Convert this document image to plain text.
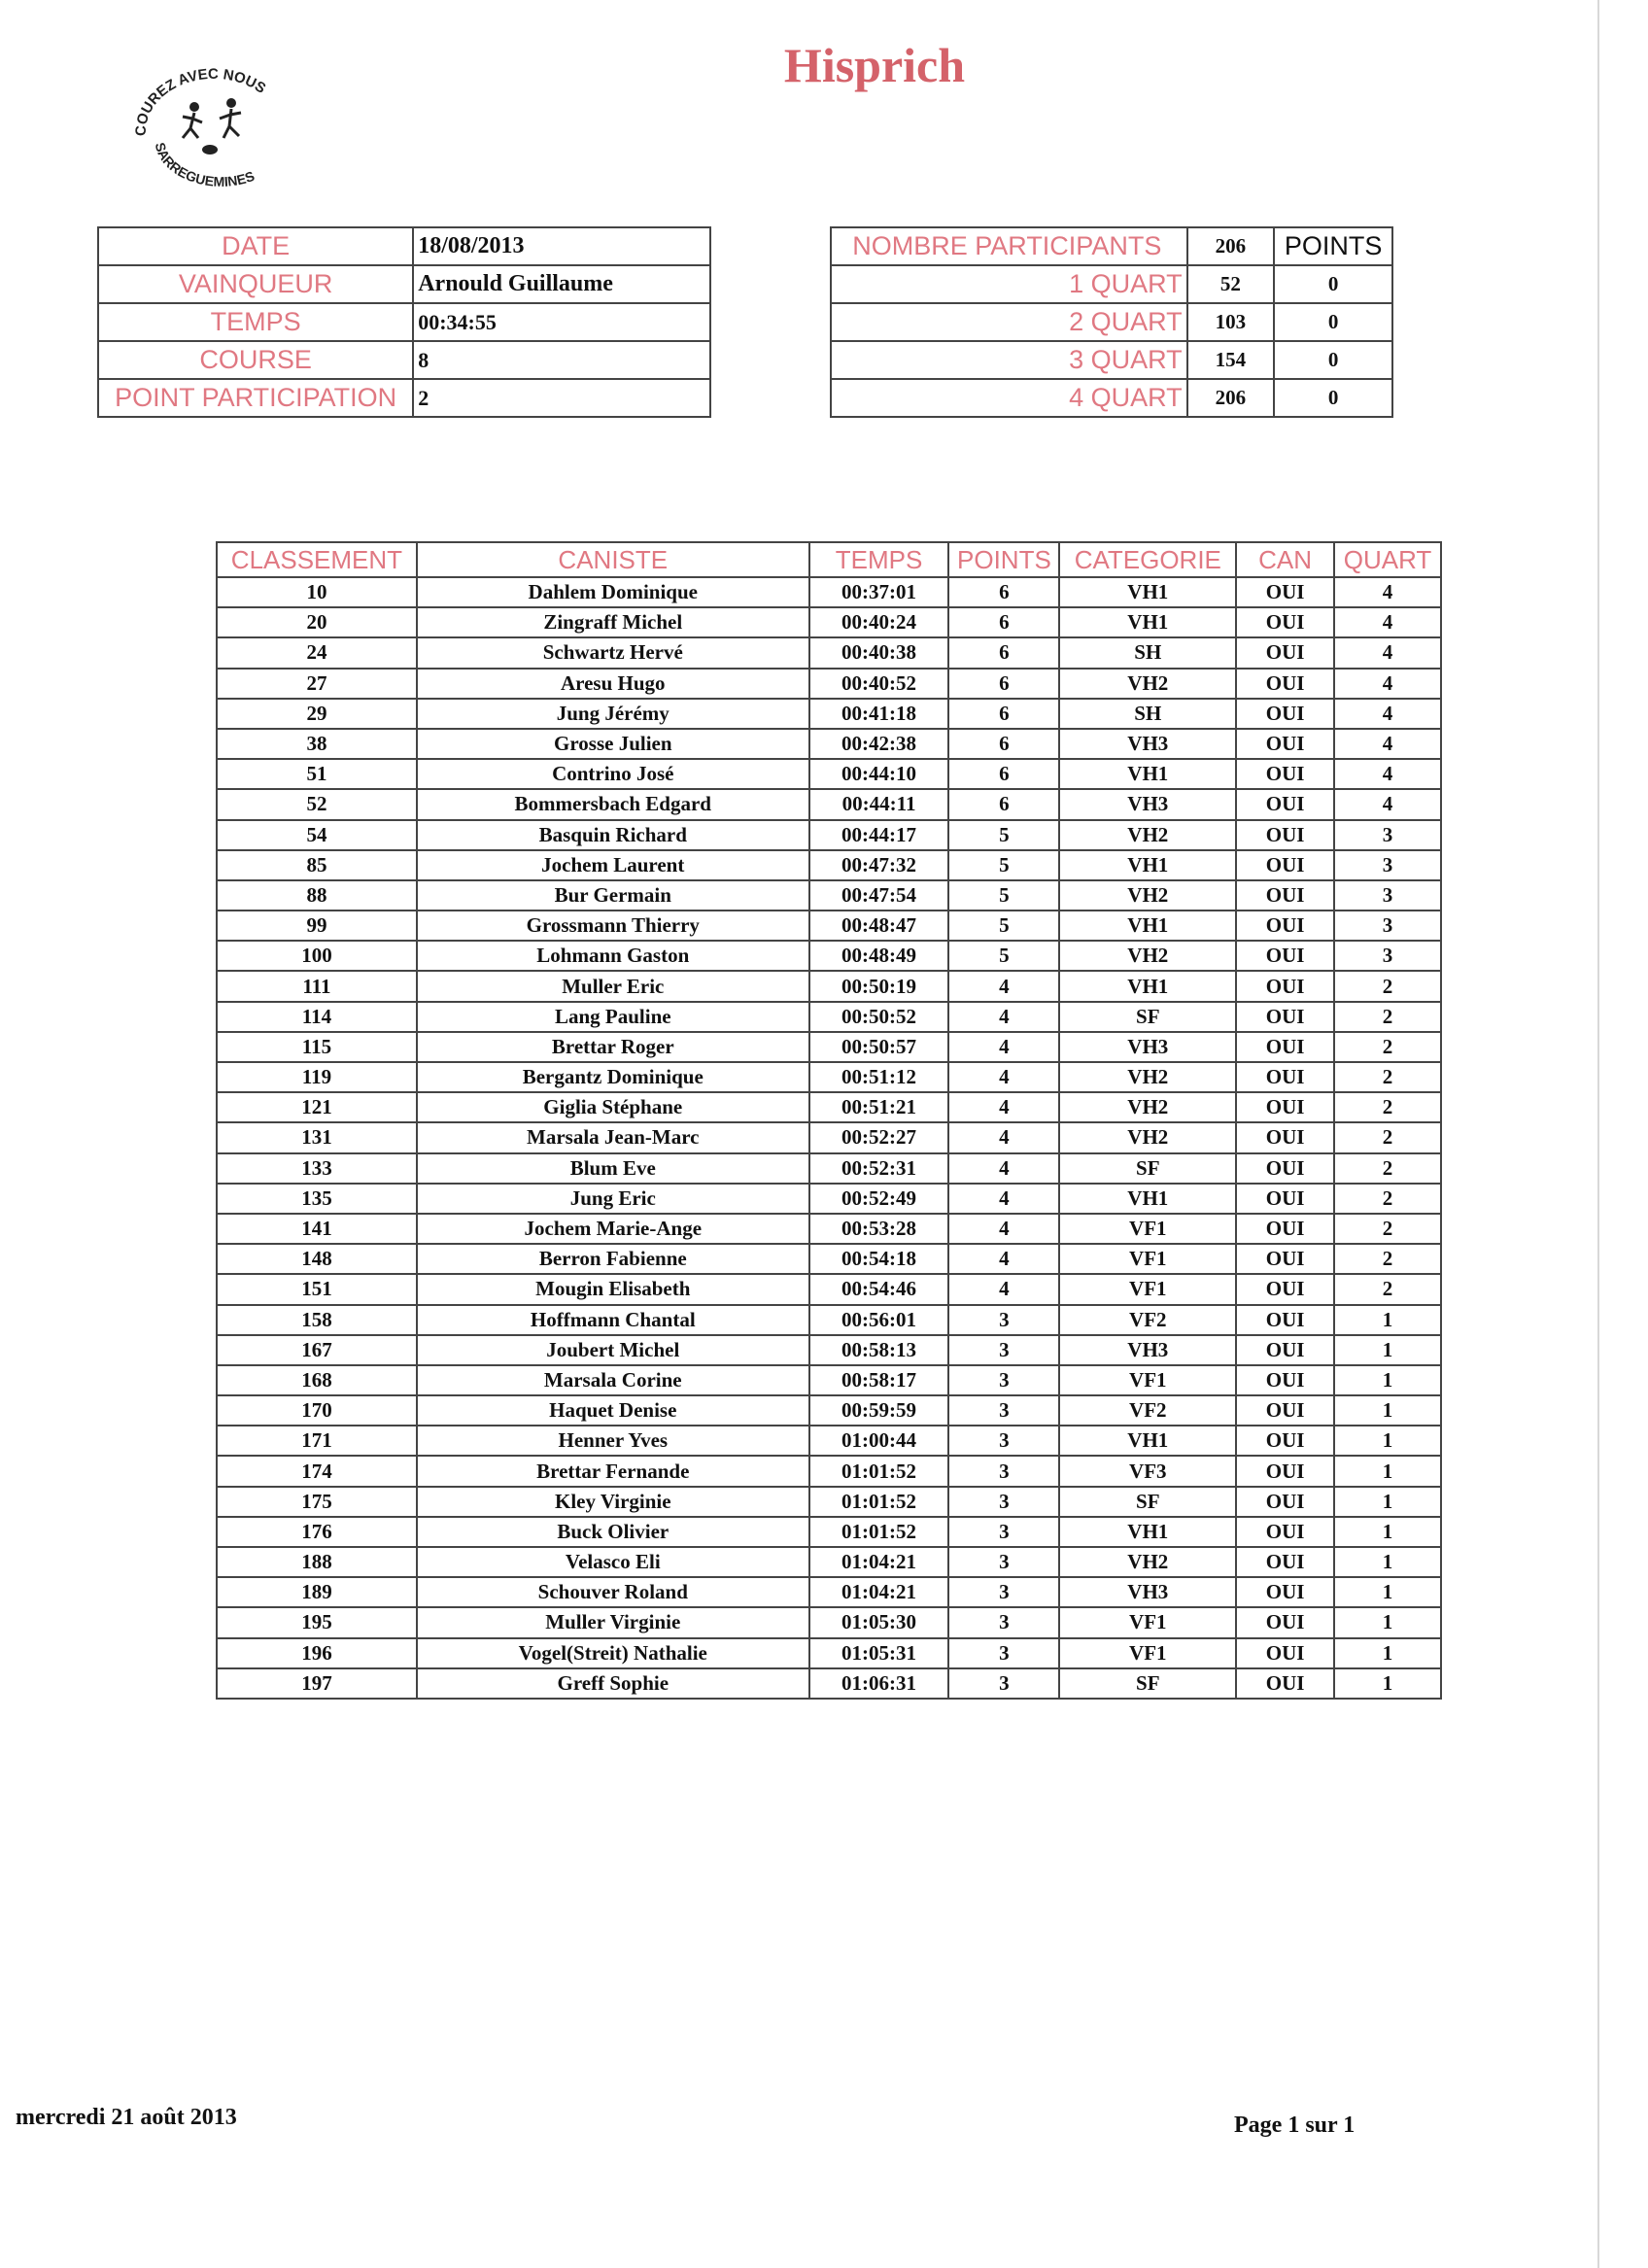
COUREZ AVEC NOUS
SARREGUEMINES
Hisprich
DATE	18/08/2013
VAINQUEUR	Arnould Guillaume
TEMPS	00:34:55
COURSE	8
POINT PARTICIPATION	2
NOMBRE PARTICIPANTS	206	POINTS
1 QUART	52	0
2 QUART	103	0
3 QUART	154	0
4 QUART	206	0
CLASSEMENT	CANISTE	TEMPS	POINTS	CATEGORIE	CAN	QUART
10	Dahlem Dominique	00:37:01	6	VH1	OUI	4
20	Zingraff Michel	00:40:24	6	VH1	OUI	4
24	Schwartz Hervé	00:40:38	6	SH	OUI	4
27	Aresu Hugo	00:40:52	6	VH2	OUI	4
29	Jung Jérémy	00:41:18	6	SH	OUI	4
38	Grosse Julien	00:42:38	6	VH3	OUI	4
51	Contrino José	00:44:10	6	VH1	OUI	4
52	Bommersbach Edgard	00:44:11	6	VH3	OUI	4
54	Basquin Richard	00:44:17	5	VH2	OUI	3
85	Jochem Laurent	00:47:32	5	VH1	OUI	3
88	Bur Germain	00:47:54	5	VH2	OUI	3
99	Grossmann Thierry	00:48:47	5	VH1	OUI	3
100	Lohmann Gaston	00:48:49	5	VH2	OUI	3
111	Muller Eric	00:50:19	4	VH1	OUI	2
114	Lang Pauline	00:50:52	4	SF	OUI	2
115	Brettar Roger	00:50:57	4	VH3	OUI	2
119	Bergantz Dominique	00:51:12	4	VH2	OUI	2
121	Giglia Stéphane	00:51:21	4	VH2	OUI	2
131	Marsala Jean-Marc	00:52:27	4	VH2	OUI	2
133	Blum Eve	00:52:31	4	SF	OUI	2
135	Jung Eric	00:52:49	4	VH1	OUI	2
141	Jochem Marie-Ange	00:53:28	4	VF1	OUI	2
148	Berron Fabienne	00:54:18	4	VF1	OUI	2
151	Mougin Elisabeth	00:54:46	4	VF1	OUI	2
158	Hoffmann Chantal	00:56:01	3	VF2	OUI	1
167	Joubert Michel	00:58:13	3	VH3	OUI	1
168	Marsala Corine	00:58:17	3	VF1	OUI	1
170	Haquet Denise	00:59:59	3	VF2	OUI	1
171	Henner Yves	01:00:44	3	VH1	OUI	1
174	Brettar Fernande	01:01:52	3	VF3	OUI	1
175	Kley Virginie	01:01:52	3	SF	OUI	1
176	Buck Olivier	01:01:52	3	VH1	OUI	1
188	Velasco Eli	01:04:21	3	VH2	OUI	1
189	Schouver Roland	01:04:21	3	VH3	OUI	1
195	Muller Virginie	01:05:30	3	VF1	OUI	1
196	Vogel(Streit) Nathalie	01:05:31	3	VF1	OUI	1
197	Greff Sophie	01:06:31	3	SF	OUI	1
mercredi 21 août 2013	Page 1 sur 1
